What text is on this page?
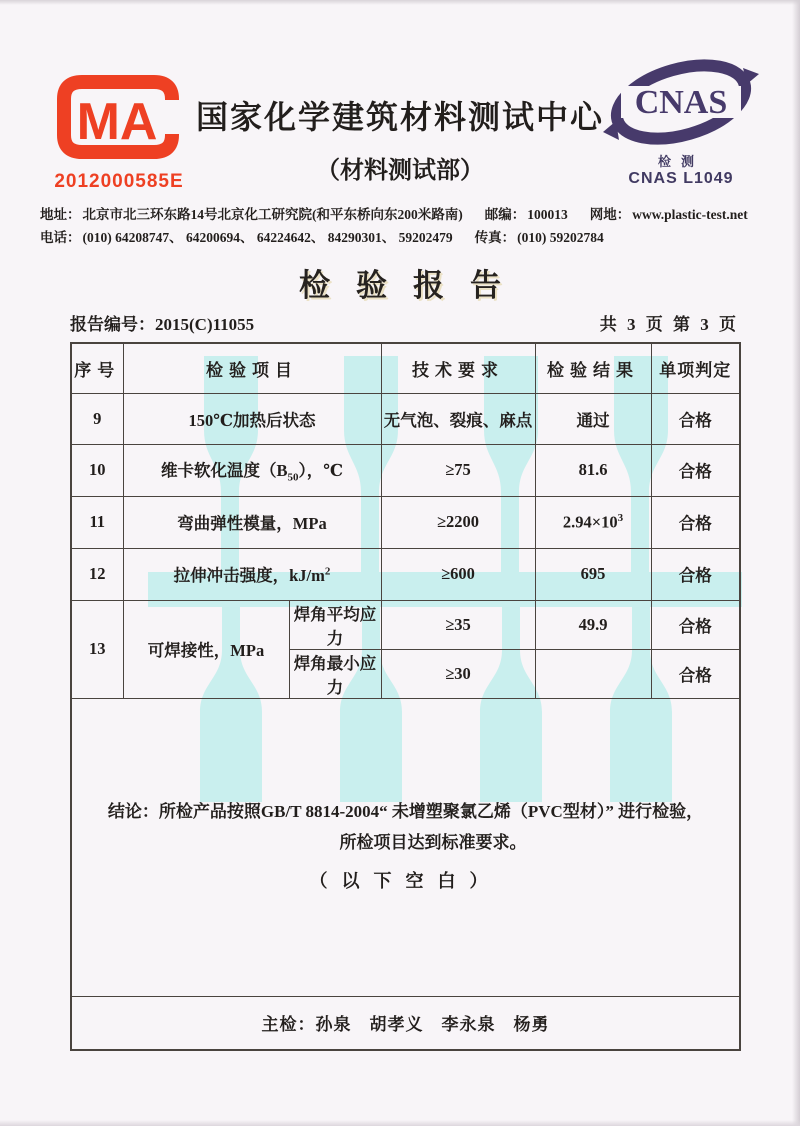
MA
2012000585E
国家化学建筑材料测试中心
（材料测试部）
CNAS
检测
CNAS L1049
地址： 北京市北三环东路14号北京化工研究院(和平东桥向东200米路南) 邮编： 100013 网地： www.plastic-test.net
电话： (010) 64208747、 64200694、 64224642、 84290301、 59202479 传真： (010) 59202784
检验报告
报告编号：2015(C)11055	共 3 页 第 3 页
序号	检验项目		技术要求	检验结果	单项判定
9	150℃加热后状态		无气泡、裂痕、麻点	通过	合格
10	维卡软化温度$(B_{50})$，℃		≥75	81.6	合格
11	弯曲弹性模量，MPa		≥2200	$2.94\times 10^3$	合格
12	拉伸冲击强度，$kJ/m^2$		≥600	695	合格
13	可焊接性，MPa	焊角平均应力	≥35	49.9	合格
		焊角最小应力	≥30		合格

结论：所检产品按照GB/T 8814-2004“ 未增塑聚氯乙烯（PVC型材）” 进行检验，
所检项目达到标准要求。
（以下空白）					

主检：孙泉　胡孝义　李永泉　杨勇					
